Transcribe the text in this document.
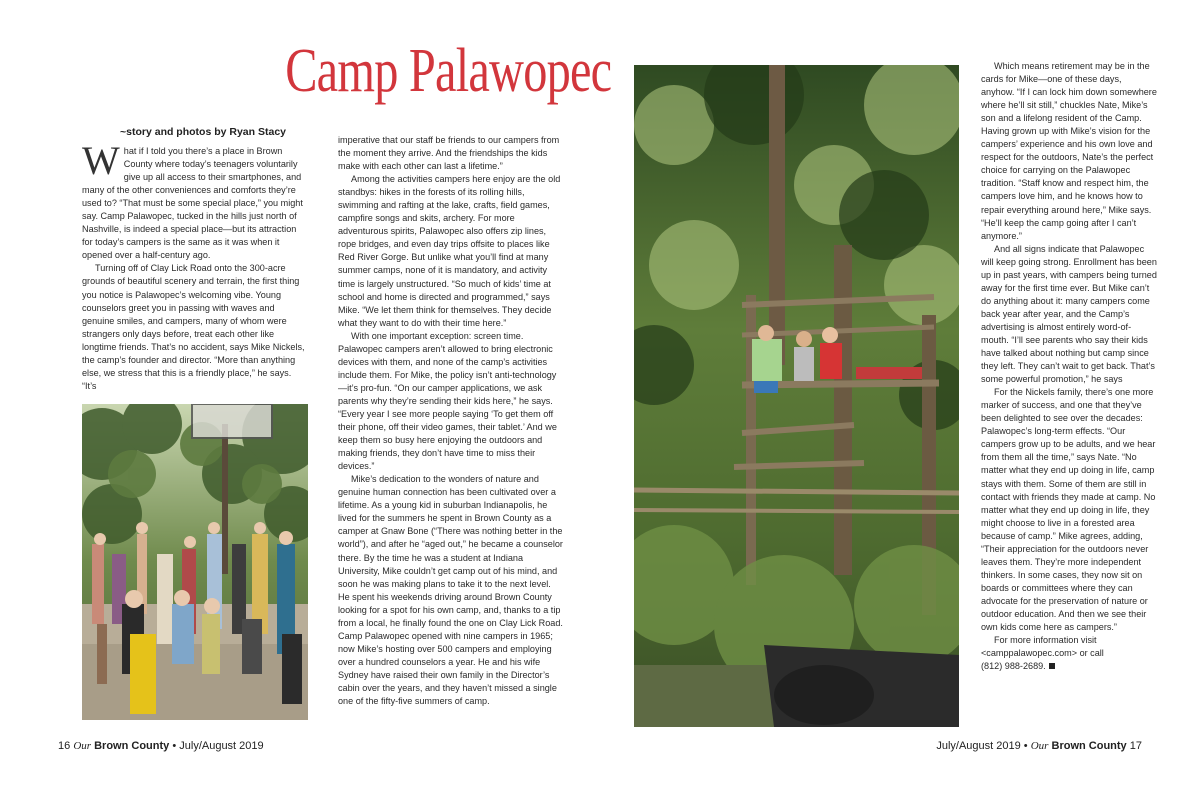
Camp Palawopec
~story and photos by Ryan Stacy

What if I told you there’s a place in Brown County where today’s teenagers voluntarily give up all access to their smartphones, and many of the other conveniences and comforts they’re used to? “That must be some special place,” you might say. Camp Palawopec, tucked in the hills just north of Nashville, is indeed a special place—but its attraction for today’s campers is the same as it was when it opened over a half-century ago.

Turning off of Clay Lick Road onto the 300-acre grounds of beautiful scenery and terrain, the first thing you notice is Palawopec’s welcoming vibe. Young counselors greet you in passing with waves and genuine smiles, and campers, many of whom were strangers only days before, treat each other like longtime friends. That’s no accident, says Mike Nickels, the camp’s founder and director. “More than anything else, we stress that this is a friendly place,” he says. “It’s

imperative that our staff be friends to our campers from the moment they arrive. And the friendships the kids make with each other can last a lifetime.”

Among the activities campers here enjoy are the old standbys: hikes in the forests of its rolling hills, swimming and rafting at the lake, crafts, field games, campfire songs and skits, archery. For more adventurous spirits, Palawopec also offers zip lines, rope bridges, and even day trips offsite to places like Red River Gorge. But unlike what you’ll find at many summer camps, none of it is mandatory, and activity time is largely unstructured. “So much of kids’ time at school and home is directed and programmed,” says Mike. “We let them think for themselves. They decide what they want to do with their time here.”

With one important exception: screen time. Palawopec campers aren’t allowed to bring electronic devices with them, and none of the camp’s activities include them. For Mike, the policy isn’t anti-technology—it’s pro-fun. “On our camper applications, we ask parents why they’re sending their kids here,” he says. “Every year I see more people saying ‘To get them off their phone, off their video games, their tablet.’ And we keep them so busy here enjoying the outdoors and making friends, they don’t have time to miss their devices.”

Mike’s dedication to the wonders of nature and genuine human connection has been cultivated over a lifetime. As a young kid in suburban Indianapolis, he lived for the summers he spent in Brown County as a camper at Gnaw Bone (“There was nothing better in the world”), and after he “aged out,” he became a counselor there. By the time he was a student at Indiana University, Mike couldn’t get camp out of his mind, and soon he was making plans to take it to the next level. He spent his weekends driving around Brown County looking for a spot for his own camp, and, thanks to a tip from a local, he finally found the one on Clay Lick Road. Camp Palawopec opened with nine campers in 1965; now Mike’s hosting over 500 campers and employing over a hundred counselors a year. He and his wife Sydney have raised their own family in the Director’s cabin over the years, and they haven’t missed a single one of the fifty-five summers of camp.

Which means retirement may be in the cards for Mike—one of these days, anyhow. “If I can lock him down somewhere where he’ll sit still,” chuckles Nate, Mike’s son and a lifelong resident of the Camp. Having grown up with Mike’s vision for the campers’ experience and his own love and respect for the outdoors, Nate’s the perfect choice for carrying on the Palawopec tradition. “Staff know and respect him, the campers love him, and he knows how to repair everything around here,” Mike says. “He’ll keep the camp going after I can’t anymore.”

And all signs indicate that Palawopec will keep going strong. Enrollment has been up in past years, with campers being turned away for the first time ever. But Mike can’t do anything about it: many campers come back year after year, and the Camp’s advertising is almost entirely word-of-mouth. “I’ll see parents who say their kids have talked about nothing but camp since they left. They can’t wait to get back. That’s some powerful promotion,” he says

For the Nickels family, there’s one more marker of success, and one that they’ve been delighted to see over the decades: Palawopec’s long-term effects. “Our campers grow up to be adults, and we hear from them all the time,” says Nate. “No matter what they end up doing in life, camp stays with them. Some of them are still in contact with friends they made at camp. No matter what they end up doing in life, they might choose to live in a forested area because of camp.” Mike agrees, adding, “Their appreciation for the outdoors never leaves them. They’re more independent thinkers. In some cases, they now sit on boards or committees where they can advocate for the preservation of nature or outdoor education. And then we see their own kids come here as campers.”

For more information visit <camppalawopec.com> or call
(812) 988-2689.

16 Our Brown County • July/August 2019	July/August 2019 • Our Brown County 17
